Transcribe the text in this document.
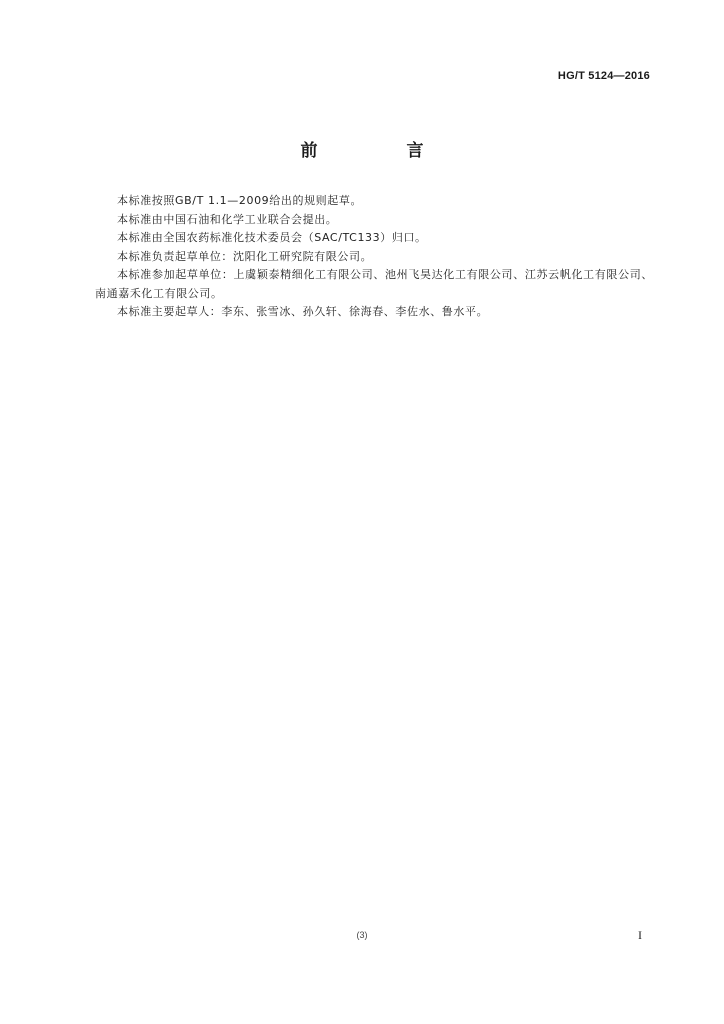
HG/T 5124—2016
前　言

本标准按照GB/T 1.1—2009给出的规则起草。

本标准由中国石油和化学工业联合会提出。

本标准由全国农药标准化技术委员会（SAC/TC133）归口。

本标准负责起草单位：沈阳化工研究院有限公司。

本标准参加起草单位：上虞颖泰精细化工有限公司、池州飞昊达化工有限公司、江苏云帆化工有限公司、南通嘉禾化工有限公司。

本标准主要起草人：李东、张雪冰、孙久轩、徐海春、李佐水、鲁水平。

(3)	I
